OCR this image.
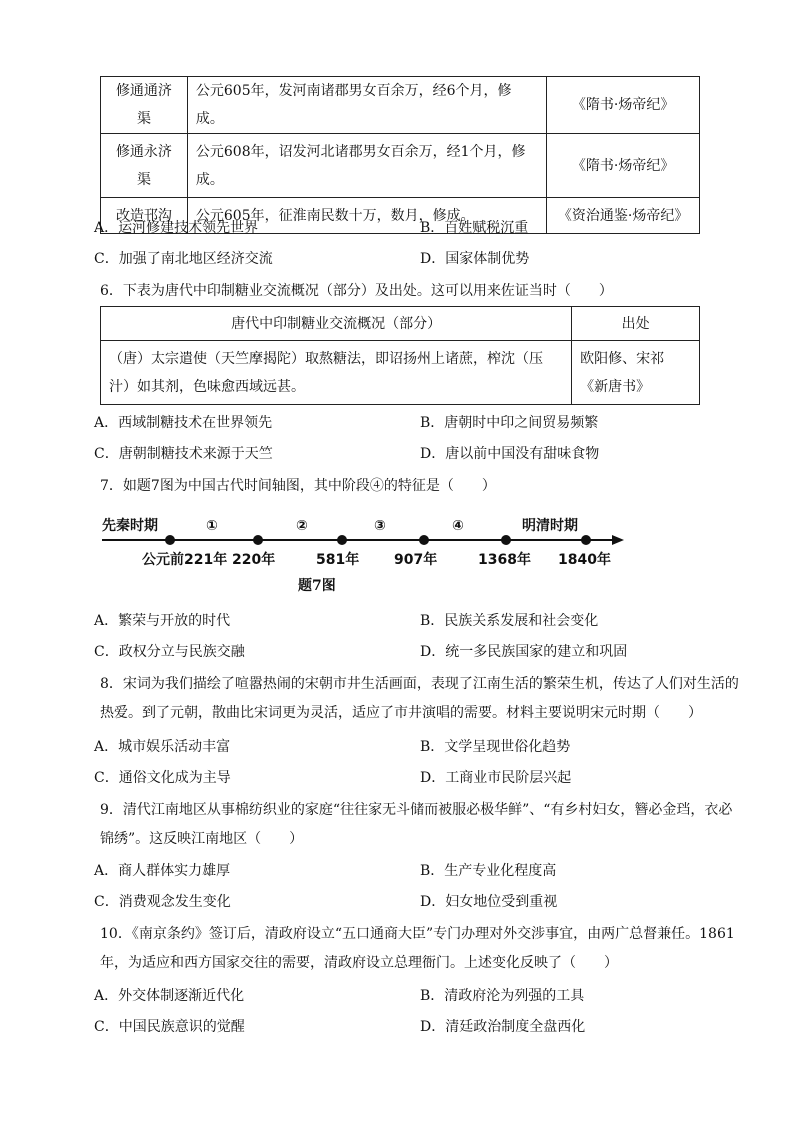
修通通济渠	公元605年，发河南诸郡男女百余万，经6个月，修成。	《隋书·炀帝纪》
修通永济渠	公元608年，诏发河北诸郡男女百余万，经1个月，修成。	《隋书·炀帝纪》
改造邗沟	公元605年，征淮南民数十万，数月，修成。	《资治通鉴·炀帝纪》
A．运河修建技术领先世界	B．百姓赋税沉重
C．加强了南北地区经济交流	D．国家体制优势
6．下表为唐代中印制糖业交流概况（部分）及出处。这可以用来佐证当时（　　）
唐代中印制糖业交流概况（部分）	出处
（唐）太宗遣使（天竺摩揭陀）取熬糖法，即诏扬州上诸蔗，榨沈（压汁）如其剂，色味愈西域远甚。	欧阳修、宋祁《新唐书》
A．西域制糖技术在世界领先	B．唐朝时中印之间贸易频繁
C．唐朝制糖技术来源于天竺	D．唐以前中国没有甜味食物
7．如题7图为中国古代时间轴图，其中阶段④的特征是（　　）
先秦时期	①	②	③	④	明清时期
公元前221年 220年	581年 907年	1368年 1840年
题7图
A．繁荣与开放的时代	B．民族关系发展和社会变化
C．政权分立与民族交融	D．统一多民族国家的建立和巩固
8．宋词为我们描绘了喧嚣热闹的宋朝市井生活画面，表现了江南生活的繁荣生机，传达了人们对生活的热爱。到了元朝，散曲比宋词更为灵活，适应了市井演唱的需要。材料主要说明宋元时期（　　）
A．城市娱乐活动丰富	B．文学呈现世俗化趋势
C．通俗文化成为主导	D．工商业市民阶层兴起
9．清代江南地区从事棉纺织业的家庭“往往家无斗储而被服必极华鲜”、“有乡村妇女，簪必金珰，衣必锦绣”。这反映江南地区（　　）
A．商人群体实力雄厚	B．生产专业化程度高
C．消费观念发生变化	D．妇女地位受到重视
10．《南京条约》签订后，清政府设立“五口通商大臣”专门办理对外交涉事宜，由两广总督兼任。1861年，为适应和西方国家交往的需要，清政府设立总理衙门。上述变化反映了（　　）
A．外交体制逐渐近代化	B．清政府沦为列强的工具
C．中国民族意识的觉醒	D．清廷政治制度全盘西化
